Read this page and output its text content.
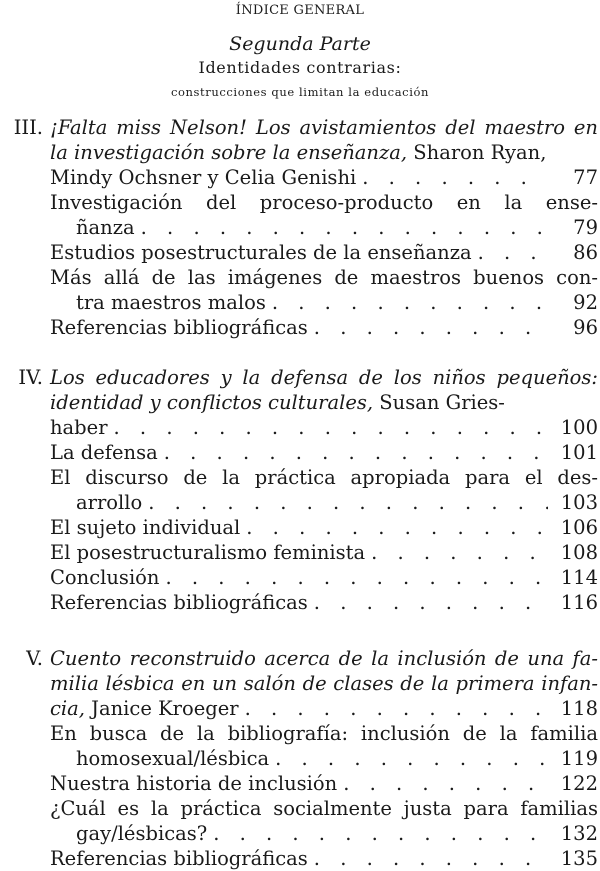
ÍNDICE GENERAL
Segunda Parte
Identidades contrarias:
construcciones que limitan la educación
III. ¡Falta miss Nelson! Los avistamientos del maestro en
la investigación sobre la enseñanza, Sharon Ryan,
Mindy Ochsner y Celia Genishi . . .	77
Investigación del proceso-producto en la ense-
ñanza . . .	79
Estudios posestructurales de la enseñanza . . .	86
Más allá de las imágenes de maestros buenos con-
tra maestros malos . . .	92
Referencias bibliográficas . . .	96
IV. Los educadores y la defensa de los niños pequeños:
identidad y conflictos culturales, Susan Gries-
haber . . .	100
La defensa . . .	101
El discurso de la práctica apropiada para el des-
arrollo . . .	103
El sujeto individual . . .	106
El posestructuralismo feminista . . .	108
Conclusión . . .	114
Referencias bibliográficas . . .	116
V. Cuento reconstruido acerca de la inclusión de una fa-
milia lésbica en un salón de clases de la primera infan-
cia, Janice Kroeger . . .	118
En busca de la bibliografía: inclusión de la familia
homosexual/lésbica . . .	119
Nuestra historia de inclusión . . .	122
¿Cuál es la práctica socialmente justa para familias
gay/lésbicas? . . .	132
Referencias bibliográficas . . .	135
